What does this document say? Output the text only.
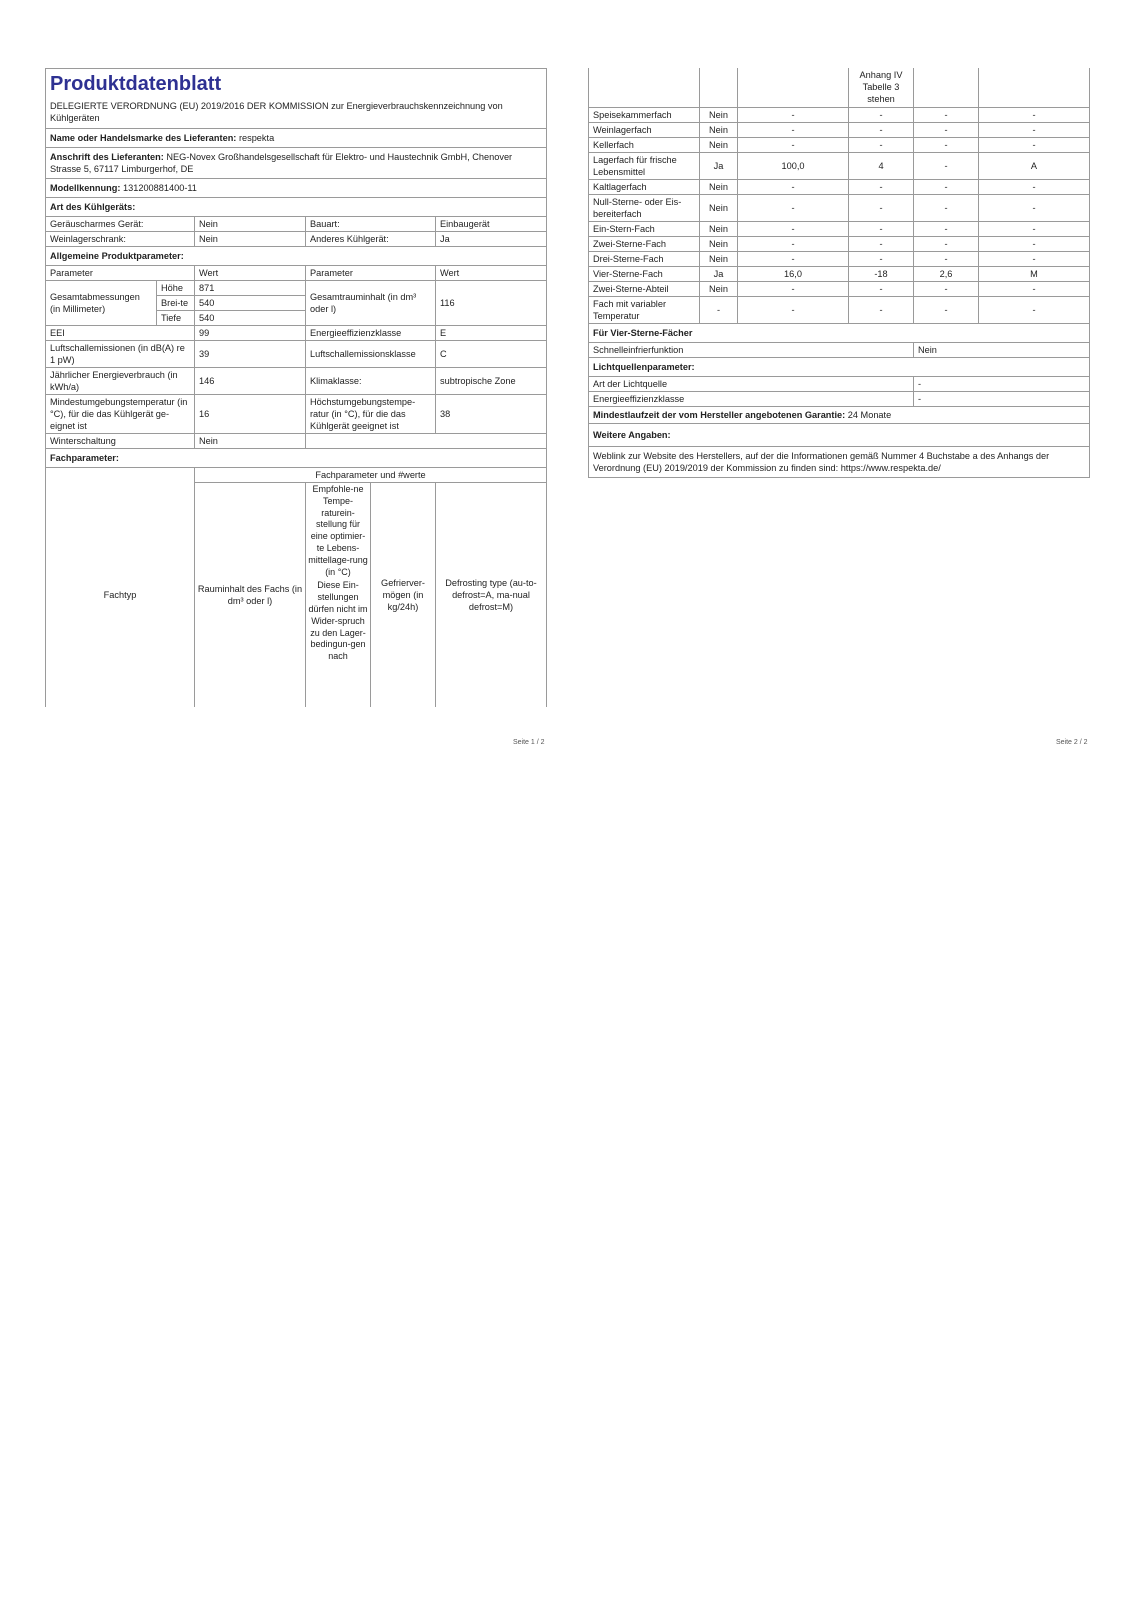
Produktdatenblatt
DELEGIERTE VERORDNUNG (EU) 2019/2016 DER KOMMISSION zur Energieverbrauchskennzeichnung von Kühlgeräten					

Name oder Handelsmarke des Lieferanten: respekta					
Anschrift des Lieferanten: NEG-Novex Großhandelsgesellschaft für Elektro- und Haustechnik GmbH, Chenover Strasse 5, 67117 Limburgerhof, DE					
Modellkennung: 131200881400-11					
Art des Kühlgeräts:					
Geräuscharmes Gerät:		Nein	Bauart:		Einbaugerät
Weinlagerschrank:		Nein	Anderes Kühlgerät:		Ja
Allgemeine Produktparameter:					
Parameter		Wert	Parameter		Wert
Gesamtabmessungen (in Millimeter)	Höhe	871	Gesamtrauminhalt (in dm³ oder l)		116
	Brei-te	540			
	Tiefe	540			
EEI		99	Energieeffizienzklasse		E
Luftschallemissionen (in dB(A) re 1 pW)		39	Luftschallemissionsklasse		C
Jährlicher Energieverbrauch (in kWh/a)		146	Klimaklasse:		subtropische Zone
Mindestumgebungstemperatur (in °C), für die das Kühlgerät ge-eignet ist		16	Höchstumgebungstempe-ratur (in °C), für die das Kühlgerät geeignet ist		38
Winterschaltung		Nein			
Fachparameter:					
		Fachparameter und #werte			
Fachtyp		Rauminhalt des Fachs (in dm³ oder l)	Empfohle-ne Tempe-raturein-stellung für eine optimier-te Lebens-mittellage-rung (in °C)
Diese Ein-stellungen dürfen nicht im Wider-spruch zu den Lager-bedingun-gen nach	Gefrierver-mögen (in kg/24h)	Defrosting type (au-to-defrost=A, ma-nual defrost=M)
Seite 1 / 2
			Anhang IV Tabelle 3 stehen		
Speisekammerfach	Nein	-	-	-	-
Weinlagerfach	Nein	-	-	-	-
Kellerfach	Nein	-	-	-	-
Lagerfach für frische Lebensmittel	Ja	100,0	4	-	A
Kaltlagerfach	Nein	-	-	-	-
Null-Sterne- oder Eis-bereiterfach	Nein	-	-	-	-
Ein-Stern-Fach	Nein	-	-	-	-
Zwei-Sterne-Fach	Nein	-	-	-	-
Drei-Sterne-Fach	Nein	-	-	-	-
Vier-Sterne-Fach	Ja	16,0	-18	2,6	M
Zwei-Sterne-Abteil	Nein	-	-	-	-
Fach mit variabler Temperatur	-	-	-	-	-
Für Vier-Sterne-Fächer					
Schnelleinfrierfunktion				Nein	
Lichtquellenparameter:					
Art der Lichtquelle				-	
Energieeffizienzklasse				-	
Mindestlaufzeit der vom Hersteller angebotenen Garantie: 24 Monate					
Weitere Angaben:					
Weblink zur Website des Herstellers, auf der die Informationen gemäß Nummer 4 Buchstabe a des Anhangs der Verordnung (EU) 2019/2019 der Kommission zu finden sind: https://www.respekta.de/					
Seite 2 / 2
